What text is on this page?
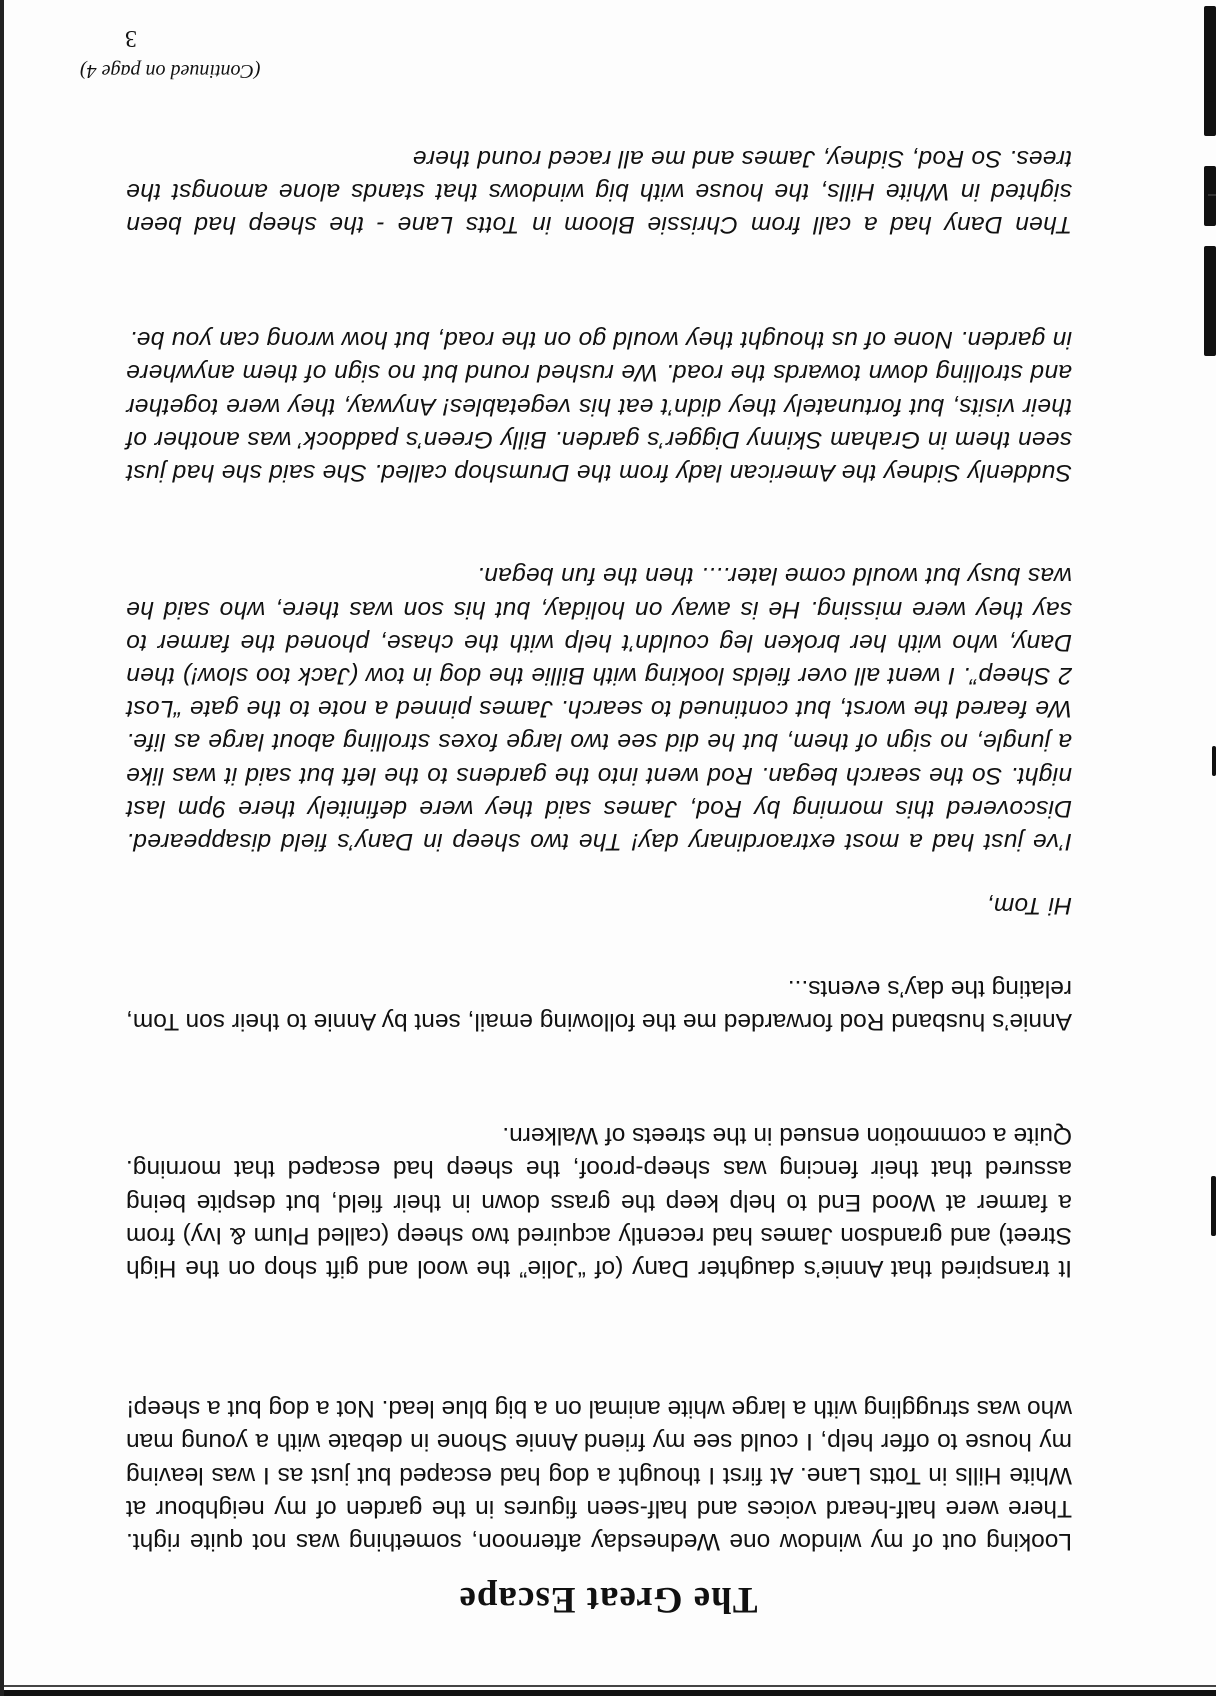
The Great Escape

Looking out of my window one Wednesday afternoon, something was not quite right. There were half-heard voices and half-seen figures in the garden of my neighbour at White Hills in Totts Lane. At first I thought a dog had escaped but just as I was leaving my house to offer help, I could see my friend Annie Shone in debate with a young man who was struggling with a large white animal on a big blue lead. Not a dog but a sheep!

It transpired that Annie’s daughter Dany (of “Jolie” the wool and gift shop on the High Street) and grandson James had recently acquired two sheep (called Plum & Ivy) from a farmer at Wood End to help keep the grass down in their field, but despite being assured that their fencing was sheep-proof, the sheep had escaped that morning. Quite a commotion ensued in the streets of Walkern.

Annie’s husband Rod forwarded me the following email, sent by Annie to their son Tom, relating the day’s events...

Hi Tom,

I’ve just had a most extraordinary day! The two sheep in Dany’s field disappeared. Discovered this morning by Rod, James said they were definitely there 9pm last night. So the search began. Rod went into the gardens to the left but said it was like a jungle, no sign of them, but he did see two large foxes strolling about large as life. We feared the worst, but continued to search. James pinned a note to the gate “Lost 2 Sheep”. I went all over fields looking with Billie the dog in tow (Jack too slow!) then Dany, who with her broken leg couldn’t help with the chase, phoned the farmer to say they were missing. He is away on holiday, but his son was there, who said he was busy but would come later.... then the fun began.

Suddenly Sidney the American lady from the Drumshop called. She said she had just seen them in Graham Skinny Digger’s garden. Billy Green’s paddock’ was another of their visits, but fortunately they didn’t eat his vegetables! Anyway, they were together and strolling down towards the road. We rushed round but no sign of them anywhere in garden. None of us thought they would go on the road, but how wrong can you be.

Then Dany had a call from Chrissie Bloom in Totts Lane - the sheep had been sighted in White Hills, the house with big windows that stands alone amongst the trees. So Rod, Sidney, James and me all raced round there

(Continued on page 4)
3
